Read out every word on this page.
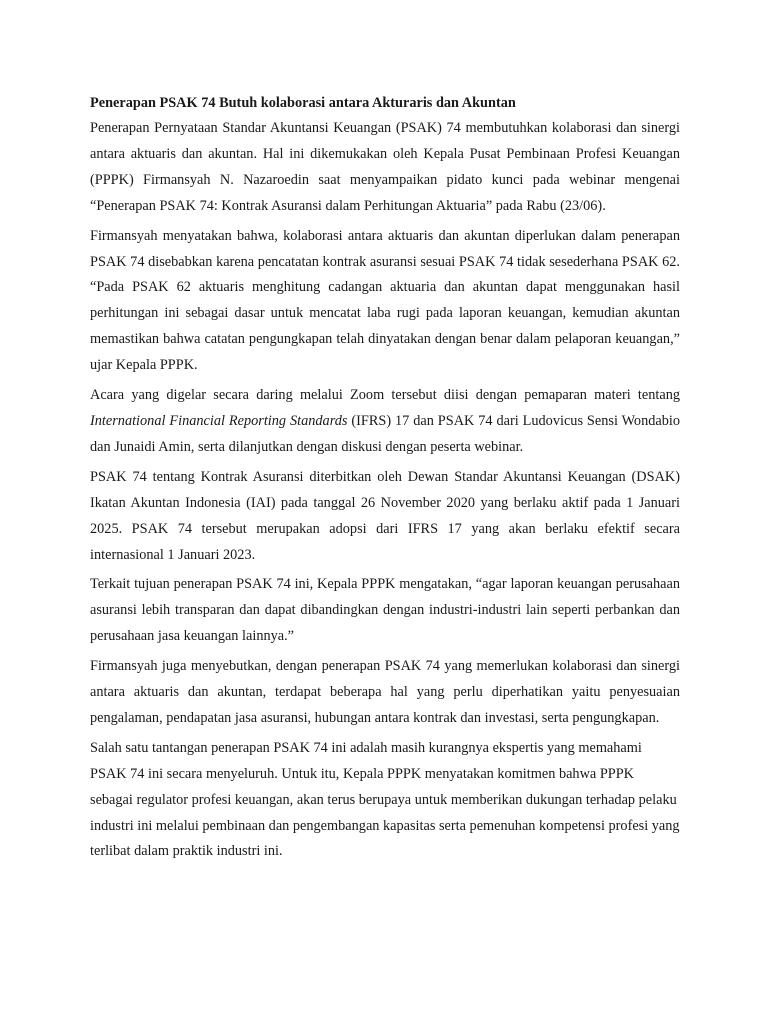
Penerapan PSAK 74 Butuh kolaborasi antara Akturaris dan Akuntan

Penerapan Pernyataan Standar Akuntansi Keuangan (PSAK) 74 membutuhkan kolaborasi dan sinergi antara aktuaris dan akuntan. Hal ini dikemukakan oleh Kepala Pusat Pembinaan Profesi Keuangan (PPPK) Firmansyah N. Nazaroedin saat menyampaikan pidato kunci pada webinar mengenai “Penerapan PSAK 74: Kontrak Asuransi dalam Perhitungan Aktuaria” pada Rabu (23/06).

Firmansyah menyatakan bahwa, kolaborasi antara aktuaris dan akuntan diperlukan dalam penerapan PSAK 74 disebabkan karena pencatatan kontrak asuransi sesuai PSAK 74 tidak sesederhana PSAK 62. “Pada PSAK 62 aktuaris menghitung cadangan aktuaria dan akuntan dapat menggunakan hasil perhitungan ini sebagai dasar untuk mencatat laba rugi pada laporan keuangan, kemudian akuntan memastikan bahwa catatan pengungkapan telah dinyatakan dengan benar dalam pelaporan keuangan,” ujar Kepala PPPK.

Acara yang digelar secara daring melalui Zoom tersebut diisi dengan pemaparan materi tentang International Financial Reporting Standards (IFRS) 17 dan PSAK 74 dari Ludovicus Sensi Wondabio dan Junaidi Amin, serta dilanjutkan dengan diskusi dengan peserta webinar.

PSAK 74 tentang Kontrak Asuransi diterbitkan oleh Dewan Standar Akuntansi Keuangan (DSAK) Ikatan Akuntan Indonesia (IAI) pada tanggal 26 November 2020 yang berlaku aktif pada 1 Januari 2025. PSAK 74 tersebut merupakan adopsi dari IFRS 17 yang akan berlaku efektif secara internasional 1 Januari 2023.

Terkait tujuan penerapan PSAK 74 ini, Kepala PPPK mengatakan, “agar laporan keuangan perusahaan asuransi lebih transparan dan dapat dibandingkan dengan industri-industri lain seperti perbankan dan perusahaan jasa keuangan lainnya.”

Firmansyah juga menyebutkan, dengan penerapan PSAK 74 yang memerlukan kolaborasi dan sinergi antara aktuaris dan akuntan, terdapat beberapa hal yang perlu diperhatikan yaitu penyesuaian pengalaman, pendapatan jasa asuransi, hubungan antara kontrak dan investasi, serta pengungkapan.

Salah satu tantangan penerapan PSAK 74 ini adalah masih kurangnya ekspertis yang memahami PSAK 74 ini secara menyeluruh. Untuk itu, Kepala PPPK menyatakan komitmen bahwa PPPK sebagai regulator profesi keuangan, akan terus berupaya untuk memberikan dukungan terhadap pelaku industri ini melalui pembinaan dan pengembangan kapasitas serta pemenuhan kompetensi profesi yang terlibat dalam praktik industri ini.
